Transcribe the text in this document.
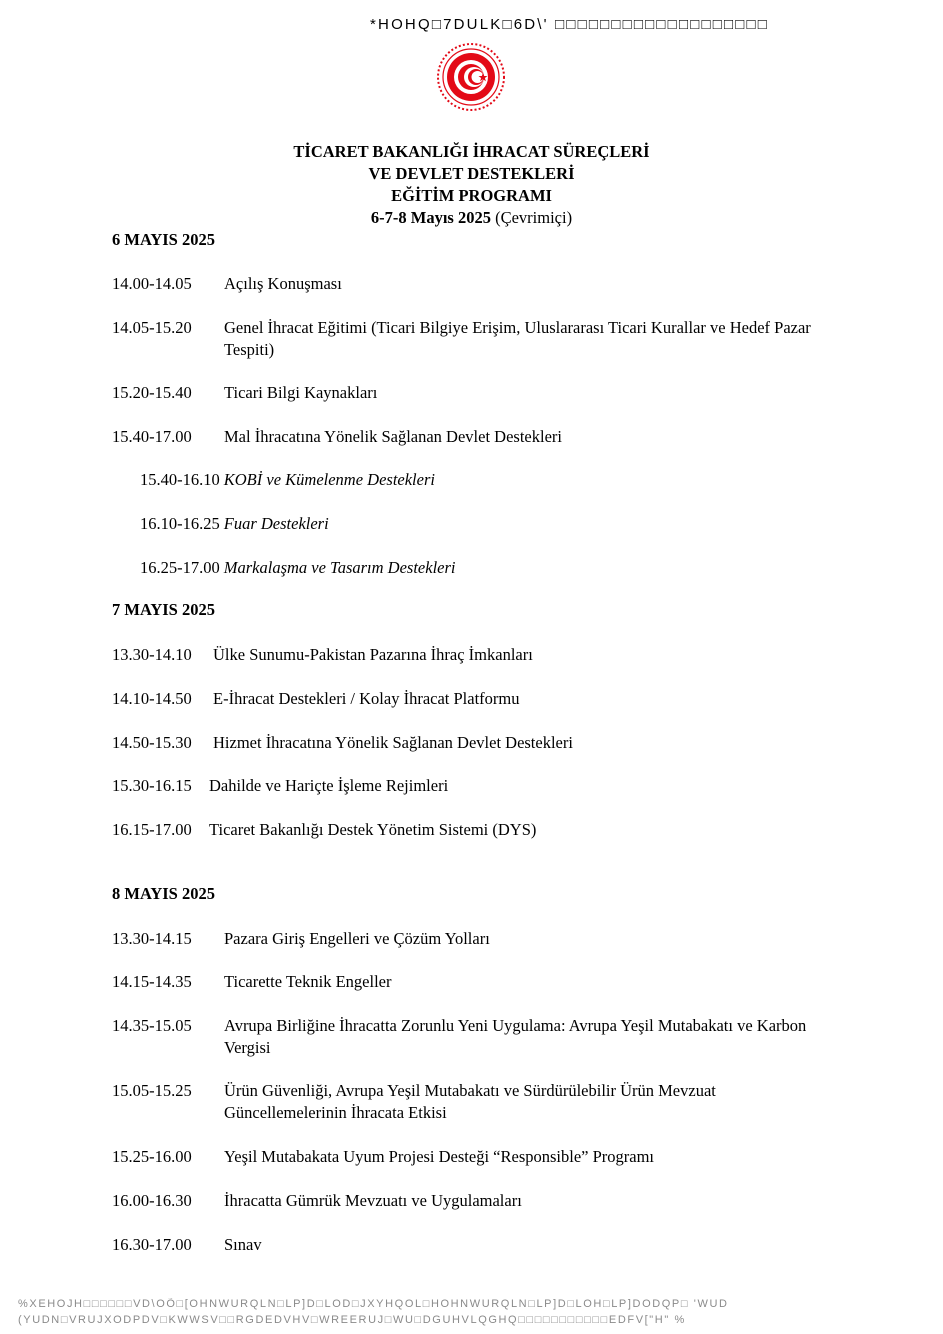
*HOHQ□7DULK□6D\' □□□□□□□□□□□□□□□□□□□
TİCARET BAKANLIĞI İHRACAT SÜREÇLERİ
VE DEVLET DESTEKLERİ
EĞİTİM PROGRAMI
6-7-8 Mayıs 2025 (Çevrimiçi)
6 MAYIS 2025
14.00-14.05 Açılış Konuşması
14.05-15.20 Genel İhracat Eğitimi (Ticari Bilgiye Erişim, Uluslararası Ticari Kurallar ve Hedef Pazar Tespiti)
15.20-15.40 Ticari Bilgi Kaynakları
15.40-17.00 Mal İhracatına Yönelik Sağlanan Devlet Destekleri
15.40-16.10 KOBİ ve Kümelenme Destekleri
16.10-16.25 Fuar Destekleri
16.25-17.00 Markalaşma ve Tasarım Destekleri
7 MAYIS 2025
13.30-14.10 Ülke Sunumu-Pakistan Pazarına İhraç İmkanları
14.10-14.50 E-İhracat Destekleri / Kolay İhracat Platformu
14.50-15.30 Hizmet İhracatına Yönelik Sağlanan Devlet Destekleri
15.30-16.15 Dahilde ve Hariçte İşleme Rejimleri
16.15-17.00 Ticaret Bakanlığı Destek Yönetim Sistemi (DYS)
8 MAYIS 2025
13.30-14.15 Pazara Giriş Engelleri ve Çözüm Yolları
14.15-14.35 Ticarette Teknik Engeller
14.35-15.05 Avrupa Birliğine İhracatta Zorunlu Yeni Uygulama: Avrupa Yeşil Mutabakatı ve Karbon Vergisi
15.05-15.25 Ürün Güvenliği, Avrupa Yeşil Mutabakatı ve Sürdürülebilir Ürün Mevzuat Güncellemelerinin İhracata Etkisi
15.25-16.00 Yeşil Mutabakata Uyum Projesi Desteği “Responsible” Programı
16.00-16.30 İhracatta Gümrük Mevzuatı ve Uygulamaları
16.30-17.00 Sınav
%XEHOJH□□□□□□VD\OÕ□[OHNWURQLN□LP]D□LOD□JXYHQOL□HOHNWURQLN□LP]D□LOH□LP]DODQP□ 'WUD
(YUDN□VRUJXODPDV□KWWSV□□RGDEDVHV□WREERUJ□WU□DGUHVLQGHQ□□□□□□□□□□□EDFV["H" %
